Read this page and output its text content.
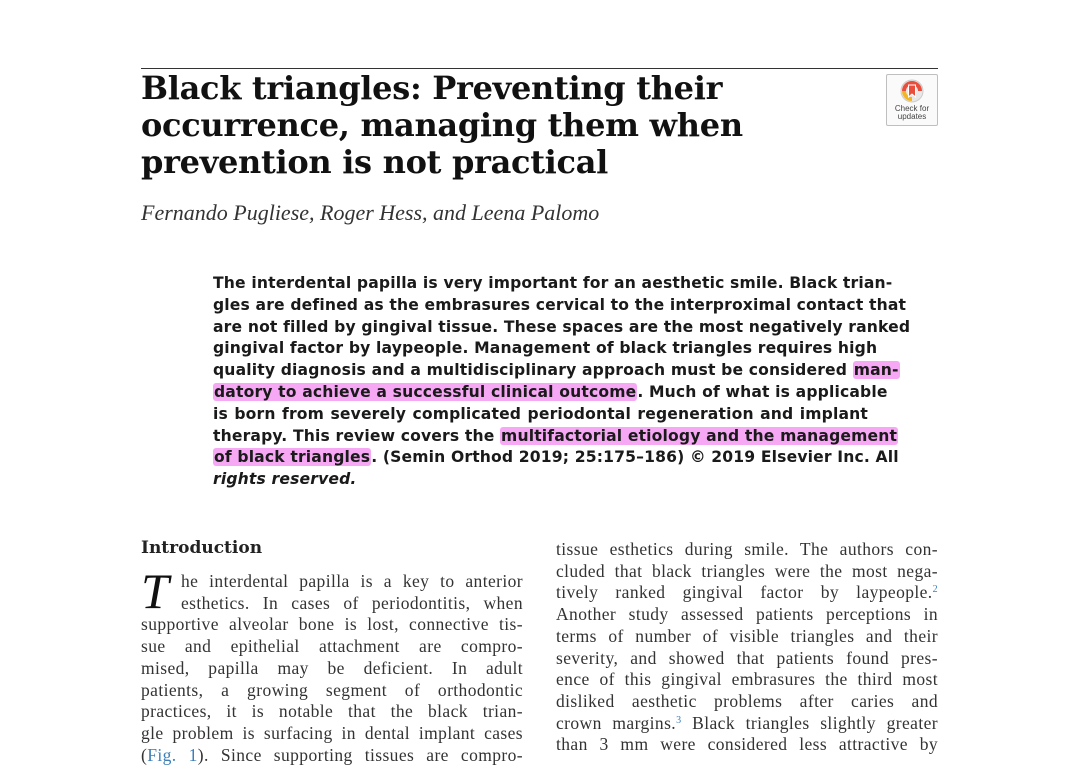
Black triangles: Preventing their
occurrence, managing them when
prevention is not practical
Check for
updates
Fernando Pugliese, Roger Hess, and Leena Palomo
The interdental papilla is very important for an aesthetic smile. Black trian-
gles are defined as the embrasures cervical to the interproximal contact that
are not filled by gingival tissue. These spaces are the most negatively ranked
gingival factor by laypeople. Management of black triangles requires high
quality diagnosis and a multidisciplinary approach must be considered man-
datory to achieve a successful clinical outcome. Much of what is applicable
is born from severely complicated periodontal regeneration and implant
therapy. This review covers the multifactorial etiology and the management
of black triangles. (Semin Orthod 2019; 25:175–186) © 2019 Elsevier Inc. All
rights reserved.
Introduction
T he interdental papilla is a key to anterior
esthetics. In cases of periodontitis, when
supportive alveolar bone is lost, connective tis-
sue and epithelial attachment are compro-
mised, papilla may be deficient. In adult
patients, a growing segment of orthodontic
practices, it is notable that the black trian-
gle problem is surfacing in dental implant cases
(Fig. 1). Since supporting tissues are compro-
tissue esthetics during smile. The authors con-
cluded that black triangles were the most nega-
tively ranked gingival factor by laypeople.$^2$
Another study assessed patients perceptions in
terms of number of visible triangles and their
severity, and showed that patients found pres-
ence of this gingival embrasures the third most
disliked aesthetic problems after caries and
crown margins.$^3$ Black triangles slightly greater
than 3 mm were considered less attractive by
